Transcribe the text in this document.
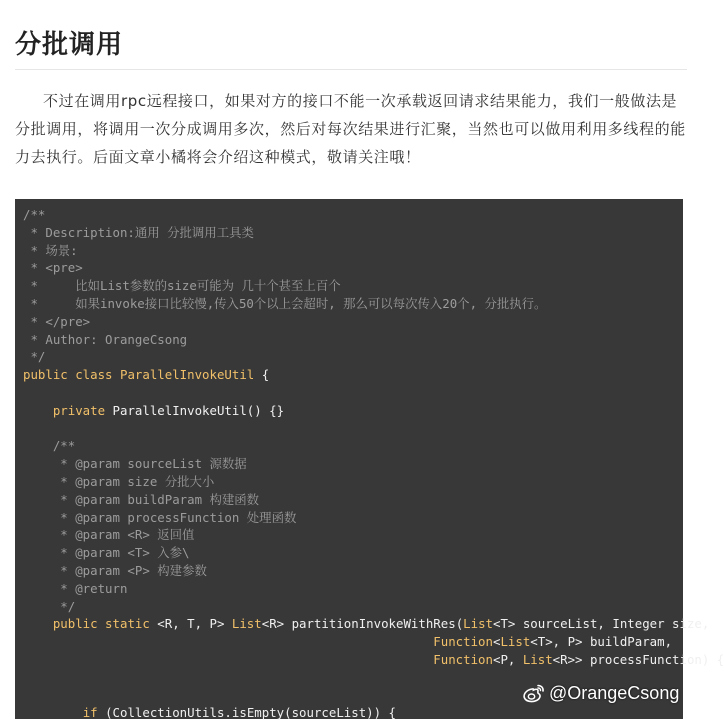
分批调用

不过在调用rpc远程接口，如果对方的接口不能一次承载返回请求结果能力，我们一般做法是分批调用，将调用一次分成调用多次，然后对每次结果进行汇聚，当然也可以做用利用多线程的能力去执行。后面文章小橘将会介绍这种模式，敬请关注哦！

/**
* Description:通用 分批调用工具类
* 场景:
* <pre>
*     比如List参数的size可能为 几十个甚至上百个
*     如果invoke接口比较慢,传入50个以上会超时, 那么可以每次传入20个, 分批执行。
* </pre>
* Author: OrangeCsong
*/
public class ParallelInvokeUtil {

private ParallelInvokeUtil() {}

/**
* @param sourceList 源数据
* @param size 分批大小
* @param buildParam 构建函数
* @param processFunction 处理函数
* @param <R> 返回值
* @param <T> 入参\
* @param <P> 构建参数
* @return
*/
public static <R, T, P> List<R> partitionInvokeWithRes(List<T> sourceList, Integer size,
Function<List<T>, P> buildParam,
Function<P, List<R>> processFunction) {

if (CollectionUtils.isEmpty(sourceList)) {
@OrangeCsong
